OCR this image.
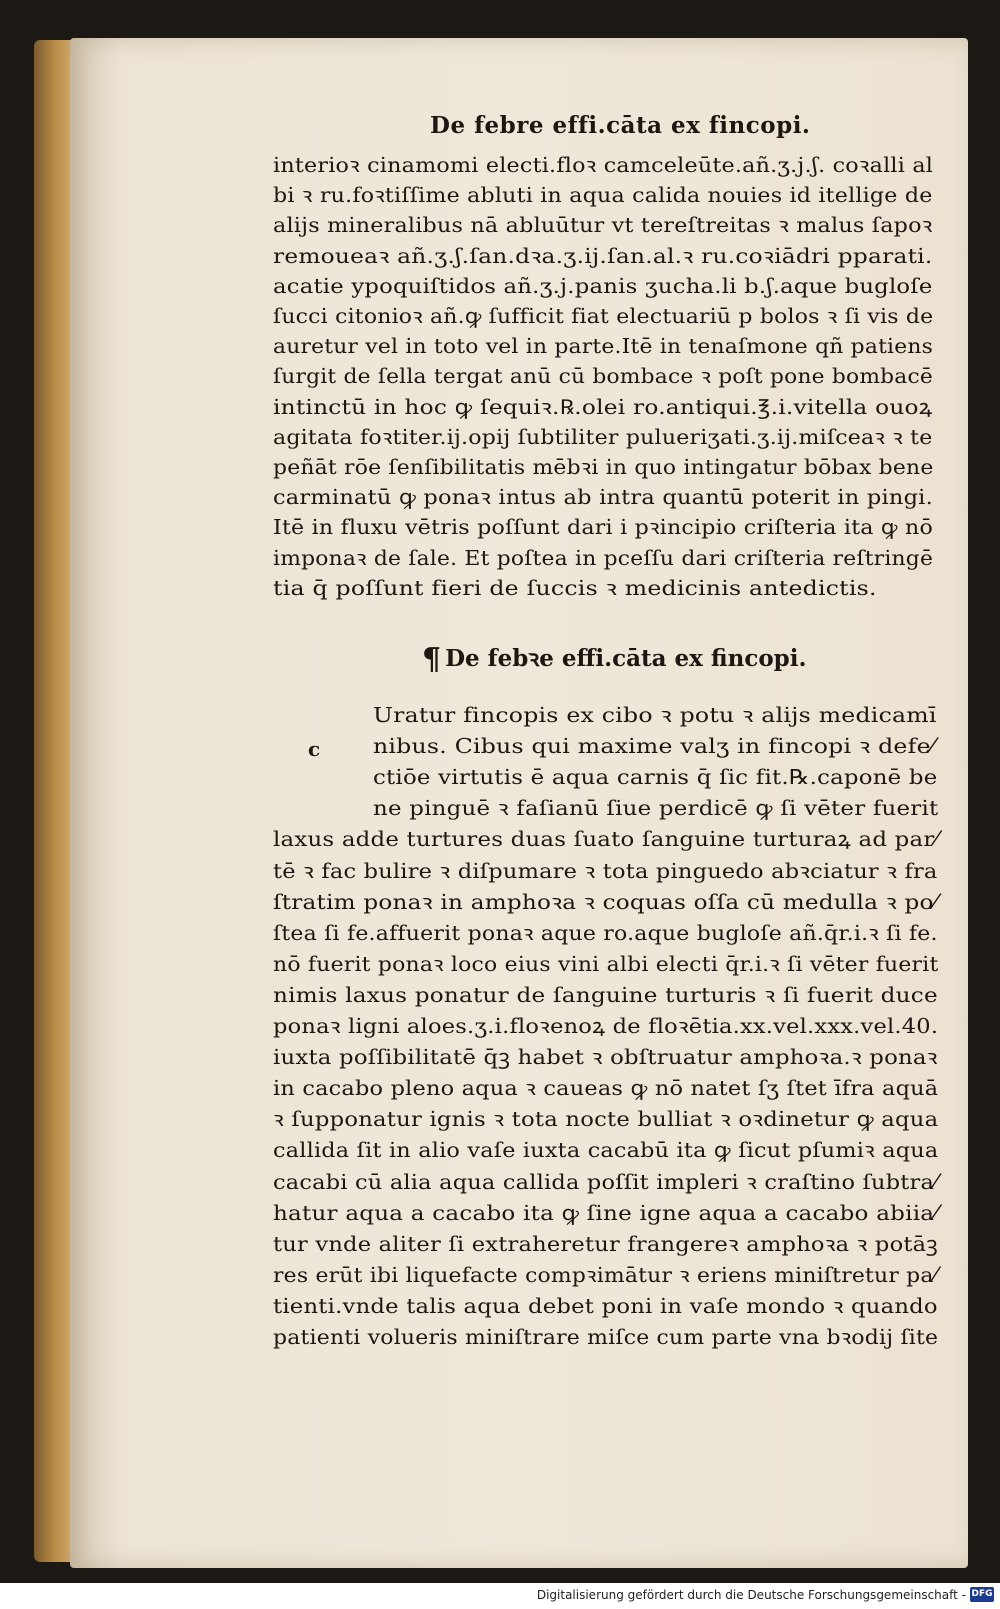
De febre effi.cāta ex fincopi.
interioꝛ cinamomi electi.floꝛ camceleūte.añ.ʒ.j.ʃ. coꝛalli al
bi ꝛ ru.foꝛtiſſime abluti in aqua calida nouies id itellige de
alijs mineralibus nā abluūtur vt tereſtreitas ꝛ malus ſapoꝛ
remoueaꝛ añ.ʒ.ʃ.ſan.dꝛa.ʒ.ij.ſan.al.ꝛ ru.coꝛiādri pparati.
acatie ypoquiſtidos añ.ʒ.j.panis ʒucha.li b.ʃ.aque bugloſe
ſucci citonioꝛ añ.ꝙ ſufficit fiat electuariū p bolos ꝛ ſi vis de
auretur vel in toto vel in parte.Itē in tenaſmone qñ patiens
ſurgit de ſella tergat anū cū bombace ꝛ poſt pone bombacē
intinctū in hoc ꝙ ſequiꝛ.℞.olei ro.antiqui.℥.i.vitella ouoꝝ
agitata foꝛtiter.ij.opij ſubtiliter pulueriʒati.ʒ.ij.miſceaꝛ ꝛ te
peñāt rōe ſenſibilitatis mēbꝛi in quo intingatur bōbax bene
carminatū ꝙ ponaꝛ intus ab intra quantū poterit in pingi.
Itē in fluxu vētris poſſunt dari i pꝛincipio criſteria ita ꝙ nō
imponaꝛ de ſale. Et poſtea in pceſſu dari criſteria reſtringē
tia q̄ poſſunt fieri de ſuccis ꝛ medicinis antedictis.
¶ De febꝛe effi.cāta ex fincopi.
c
Uratur fincopis ex cibo ꝛ potu ꝛ alijs medicamī
nibus. Cibus qui maxime valʒ in fincopi ꝛ defe⁄
ctiōe virtutis ē aqua carnis q̄ ſic fit.℞.caponē be
ne pinguē ꝛ faſianū ſiue perdicē ꝙ ſi vēter fuerit
laxus adde turtures duas ſuato ſanguine turturaꝝ ad par⁄
tē ꝛ fac bulire ꝛ diſpumare ꝛ tota pinguedo abꝛciatur ꝛ fra
ſtratim ponaꝛ in amphoꝛa ꝛ coquas oſſa cū medulla ꝛ po⁄
ſtea ſi fe.affuerit ponaꝛ aque ro.aque bugloſe añ.q̄r.i.ꝛ ſi fe.
nō fuerit ponaꝛ loco eius vini albi electi q̄r.i.ꝛ ſi vēter fuerit
nimis laxus ponatur de ſanguine turturis ꝛ ſi fuerit duce
ponaꝛ ligni aloes.ʒ.i.floꝛenoꝝ de floꝛētia.xx.vel.xxx.vel.40.
iuxta poſſibilitatē q̄ꝫ habet ꝛ obſtruatur amphoꝛa.ꝛ ponaꝛ
in cacabo pleno aqua ꝛ caueas ꝙ nō natet ſʒ ſtet īfra aquā
ꝛ ſupponatur ignis ꝛ tota nocte bulliat ꝛ oꝛdinetur ꝙ aqua
callida ſit in alio vaſe iuxta cacabū ita ꝙ ſicut pſumiꝛ aqua
cacabi cū alia aqua callida poſſit impleri ꝛ craſtino ſubtra⁄
hatur aqua a cacabo ita ꝙ ſine igne aqua a cacabo abiia⁄
tur vnde aliter ſi extraheretur frangereꝛ amphoꝛa ꝛ potāꝫ
res erūt ibi liquefacte compꝛimātur ꝛ eriens miniſtretur pa⁄
tienti.vnde talis aqua debet poni in vaſe mondo ꝛ quando
patienti volueris miniſtrare miſce cum parte vna bꝛodij ſite
Digitalisierung gefördert durch die Deutsche Forschungsgemeinschaft - DFG
